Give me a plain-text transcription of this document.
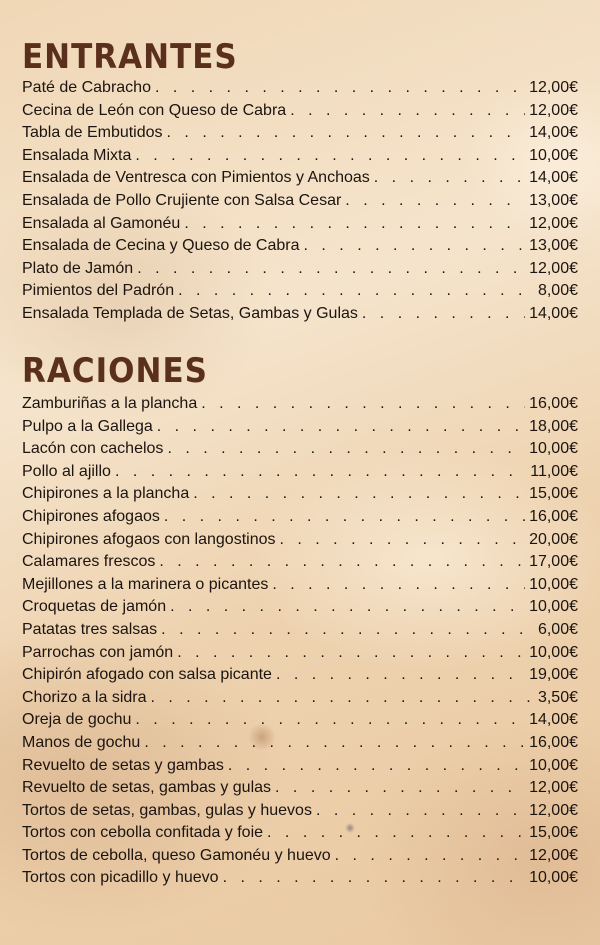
ENTRANTES
Paté de Cabracho . . .	12,00€
Cecina de León con Queso de Cabra . . .	12,00€
Tabla de Embutidos . . .	14,00€
Ensalada Mixta . . .	10,00€
Ensalada de Ventresca con Pimientos y Anchoas . . .	14,00€
Ensalada de Pollo Crujiente con Salsa Cesar . . .	13,00€
Ensalada al Gamonéu . . .	12,00€
Ensalada de Cecina y Queso de Cabra . . .	13,00€
Plato de Jamón . . .	12,00€
Pimientos del Padrón . . .	8,00€
Ensalada Templada de Setas, Gambas y Gulas . . .	14,00€
RACIONES
Zamburiñas a la plancha . . .	16,00€
Pulpo a la Gallega . . .	18,00€
Lacón con cachelos . . .	10,00€
Pollo al ajillo . . .	11,00€
Chipirones a la plancha . . .	15,00€
Chipirones afogaos . . .	16,00€
Chipirones afogaos con langostinos . . .	20,00€
Calamares frescos . . .	17,00€
Mejillones a la marinera o picantes . . .	10,00€
Croquetas de jamón . . .	10,00€
Patatas tres salsas . . .	6,00€
Parrochas con jamón . . .	10,00€
Chipirón afogado con salsa picante . . .	19,00€
Chorizo a la sidra . . .	3,50€
Oreja de gochu . . .	14,00€
Manos de gochu . . .	16,00€
Revuelto de setas y gambas . . .	10,00€
Revuelto de setas, gambas y gulas . . .	12,00€
Tortos de setas, gambas, gulas y huevos . . .	12,00€
Tortos con cebolla confitada y foie . . .	15,00€
Tortos de cebolla, queso Gamonéu y huevo . . .	12,00€
Tortos con picadillo y huevo . . .	10,00€
